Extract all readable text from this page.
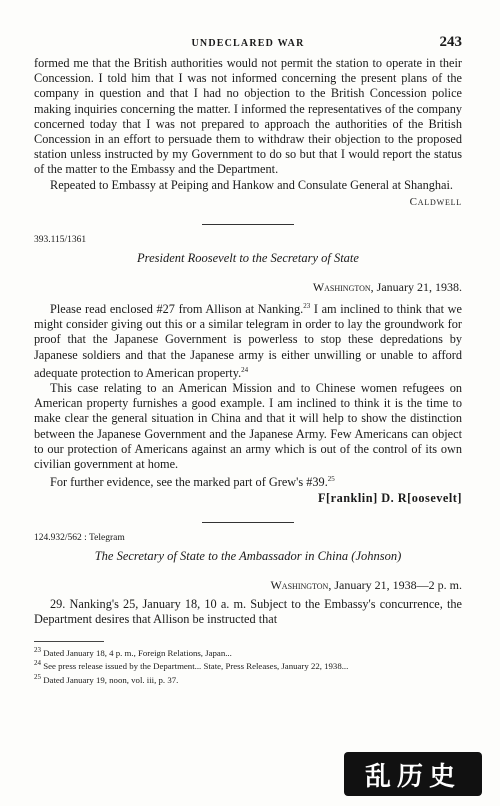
UNDECLARED WAR	243

formed me that the British authorities would not permit the station to operate in their Concession. I told him that I was not informed concerning the present plans of the company in question and that I had no objection to the British Concession police making inquiries concerning the matter. I informed the representatives of the company concerned today that I was not prepared to approach the authorities of the British Concession in an effort to persuade them to withdraw their objection to the proposed station unless instructed by my Government to do so but that I would report the status of the matter to the Embassy and the Department.

Repeated to Embassy at Peiping and Hankow and Consulate General at Shanghai.

Caldwell
393.115/1361
President Roosevelt to the Secretary of State
Washington, January 21, 1938.

Please read enclosed #27 from Allison at Nanking.$^{23}$ I am inclined to think that we might consider giving out this or a similar telegram in order to lay the groundwork for proof that the Japanese Government is powerless to stop these depredations by Japanese soldiers and that the Japanese army is either unwilling or unable to afford adequate protection to American property.$^{24}$

This case relating to an American Mission and to Chinese women refugees on American property furnishes a good example. I am inclined to think it is the time to make clear the general situation in China and that it will help to show the distinction between the Japanese Government and the Japanese Army. Few Americans can object to our protection of Americans against an army which is out of the control of its own civilian government at home.

For further evidence, see the marked part of Grew's #39.25

F[ranklin] D. R[oosevelt]
124.932/562 : Telegram
The Secretary of State to the Ambassador in China (Johnson)
Washington, January 21, 1938—2 p. m.

29. Nanking's 25, January 18, 10 a. m. Subject to the Embassy's concurrence, the Department desires that Allison be instructed that

$^{23}$ Dated January 18, 4 p. m., Foreign Relations, Japan...
$^{24}$ See press release issued by the Department... State, Press Releases, January 22, 1938...
$^{25}$ Dated January 19, noon, vol. iii, p. 37.
乱历史
